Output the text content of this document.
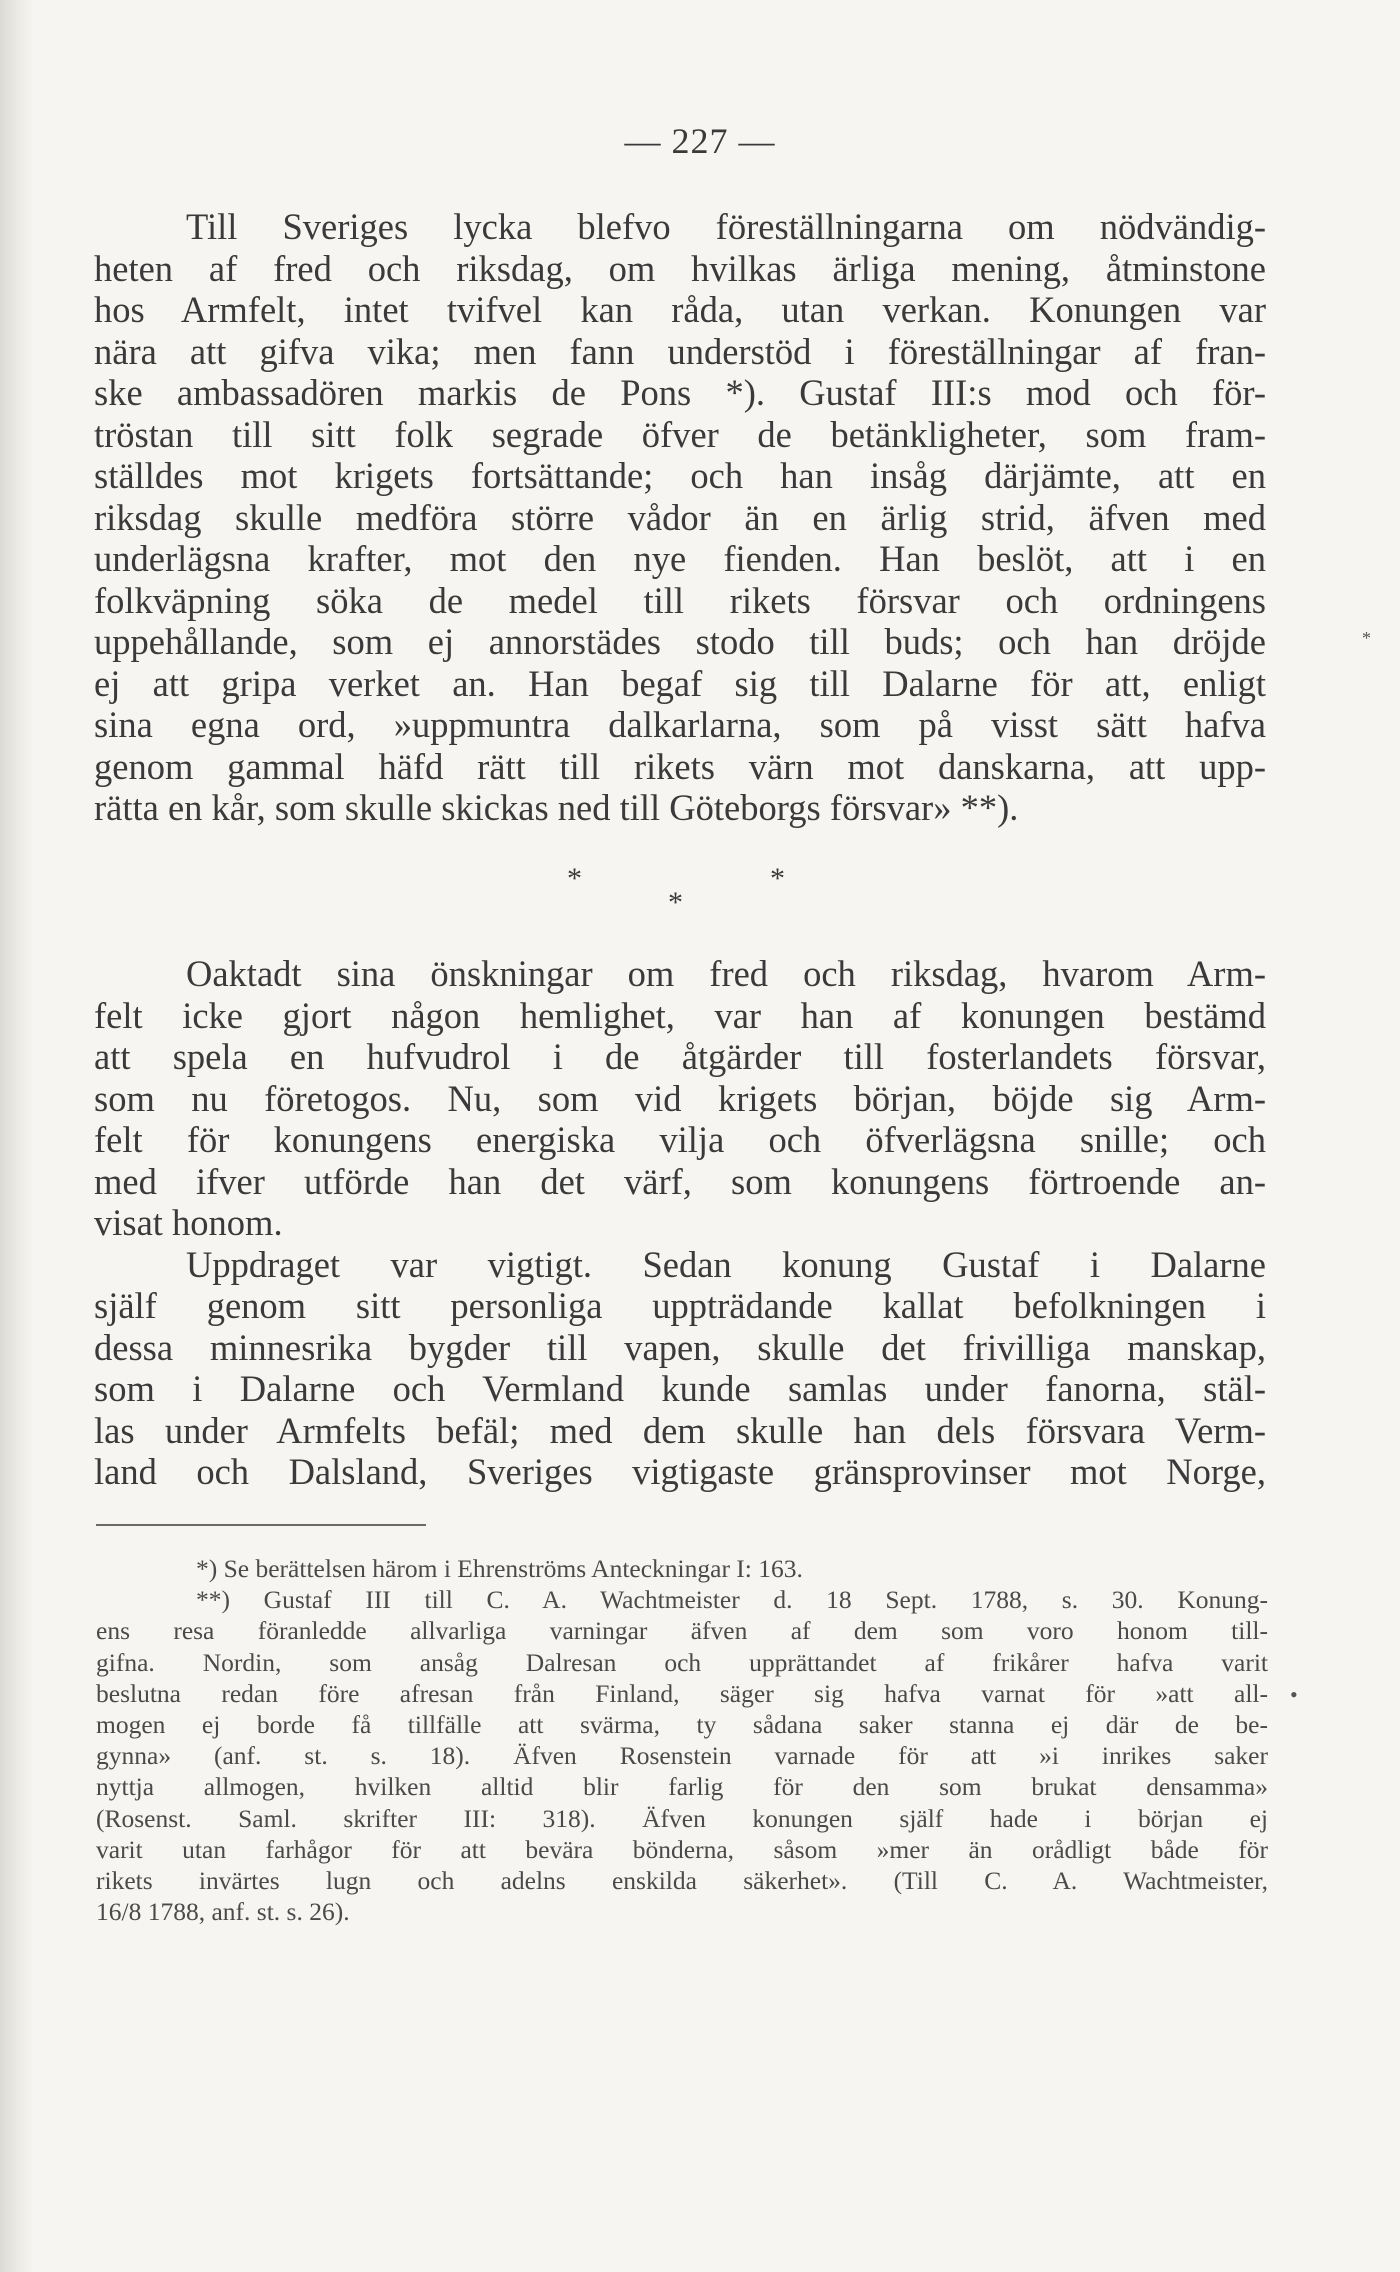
— 227 —
Till Sveriges lycka blefvo föreställningarna om nödvändig-
heten af fred och riksdag, om hvilkas ärliga mening, åtminstone
hos Armfelt, intet tvifvel kan råda, utan verkan. Konungen var
nära att gifva vika; men fann understöd i föreställningar af fran-
ske ambassadören markis de Pons *). Gustaf III:s mod och för-
tröstan till sitt folk segrade öfver de betänkligheter, som fram-
ställdes mot krigets fortsättande; och han insåg därjämte, att en
riksdag skulle medföra större vådor än en ärlig strid, äfven med
underlägsna krafter, mot den nye fienden. Han beslöt, att i en
folkväpning söka de medel till rikets försvar och ordningens
uppehållande, som ej annorstädes stodo till buds; och han dröjde
ej att gripa verket an. Han begaf sig till Dalarne för att, enligt
sina egna ord, »uppmuntra dalkarlarna, som på visst sätt hafva
genom gammal häfd rätt till rikets värn mot danskarna, att upp-
rätta en kår, som skulle skickas ned till Göteborgs försvar» **).
*	*
*
Oaktadt sina önskningar om fred och riksdag, hvarom Arm-
felt icke gjort någon hemlighet, var han af konungen bestämd
att spela en hufvudrol i de åtgärder till fosterlandets försvar,
som nu företogos. Nu, som vid krigets början, böjde sig Arm-
felt för konungens energiska vilja och öfverlägsna snille; och
med ifver utförde han det värf, som konungens förtroende an-
visat honom.
Uppdraget var vigtigt. Sedan konung Gustaf i Dalarne
själf genom sitt personliga uppträdande kallat befolkningen i
dessa minnesrika bygder till vapen, skulle det frivilliga manskap,
som i Dalarne och Vermland kunde samlas under fanorna, stäl-
las under Armfelts befäl; med dem skulle han dels försvara Verm-
land och Dalsland, Sveriges vigtigaste gränsprovinser mot Norge,
*) Se berättelsen härom i Ehrenströms Anteckningar I: 163.
**) Gustaf III till C. A. Wachtmeister d. 18 Sept. 1788, s. 30. Konung-
ens resa föranledde allvarliga varningar äfven af dem som voro honom till-
gifna. Nordin, som ansåg Dalresan och upprättandet af frikårer hafva varit
beslutna redan före afresan från Finland, säger sig hafva varnat för »att all-
mogen ej borde få tillfälle att svärma, ty sådana saker stanna ej där de be-
gynna» (anf. st. s. 18). Äfven Rosenstein varnade för att »i inrikes saker
nyttja allmogen, hvilken alltid blir farlig för den som brukat densamma»
(Rosenst. Saml. skrifter III: 318). Äfven konungen själf hade i början ej
varit utan farhågor för att bevära bönderna, såsom »mer än orådligt både för
rikets invärtes lugn och adelns enskilda säkerhet». (Till C. A. Wachtmeister,
16/8 1788, anf. st. s. 26).
*
•
